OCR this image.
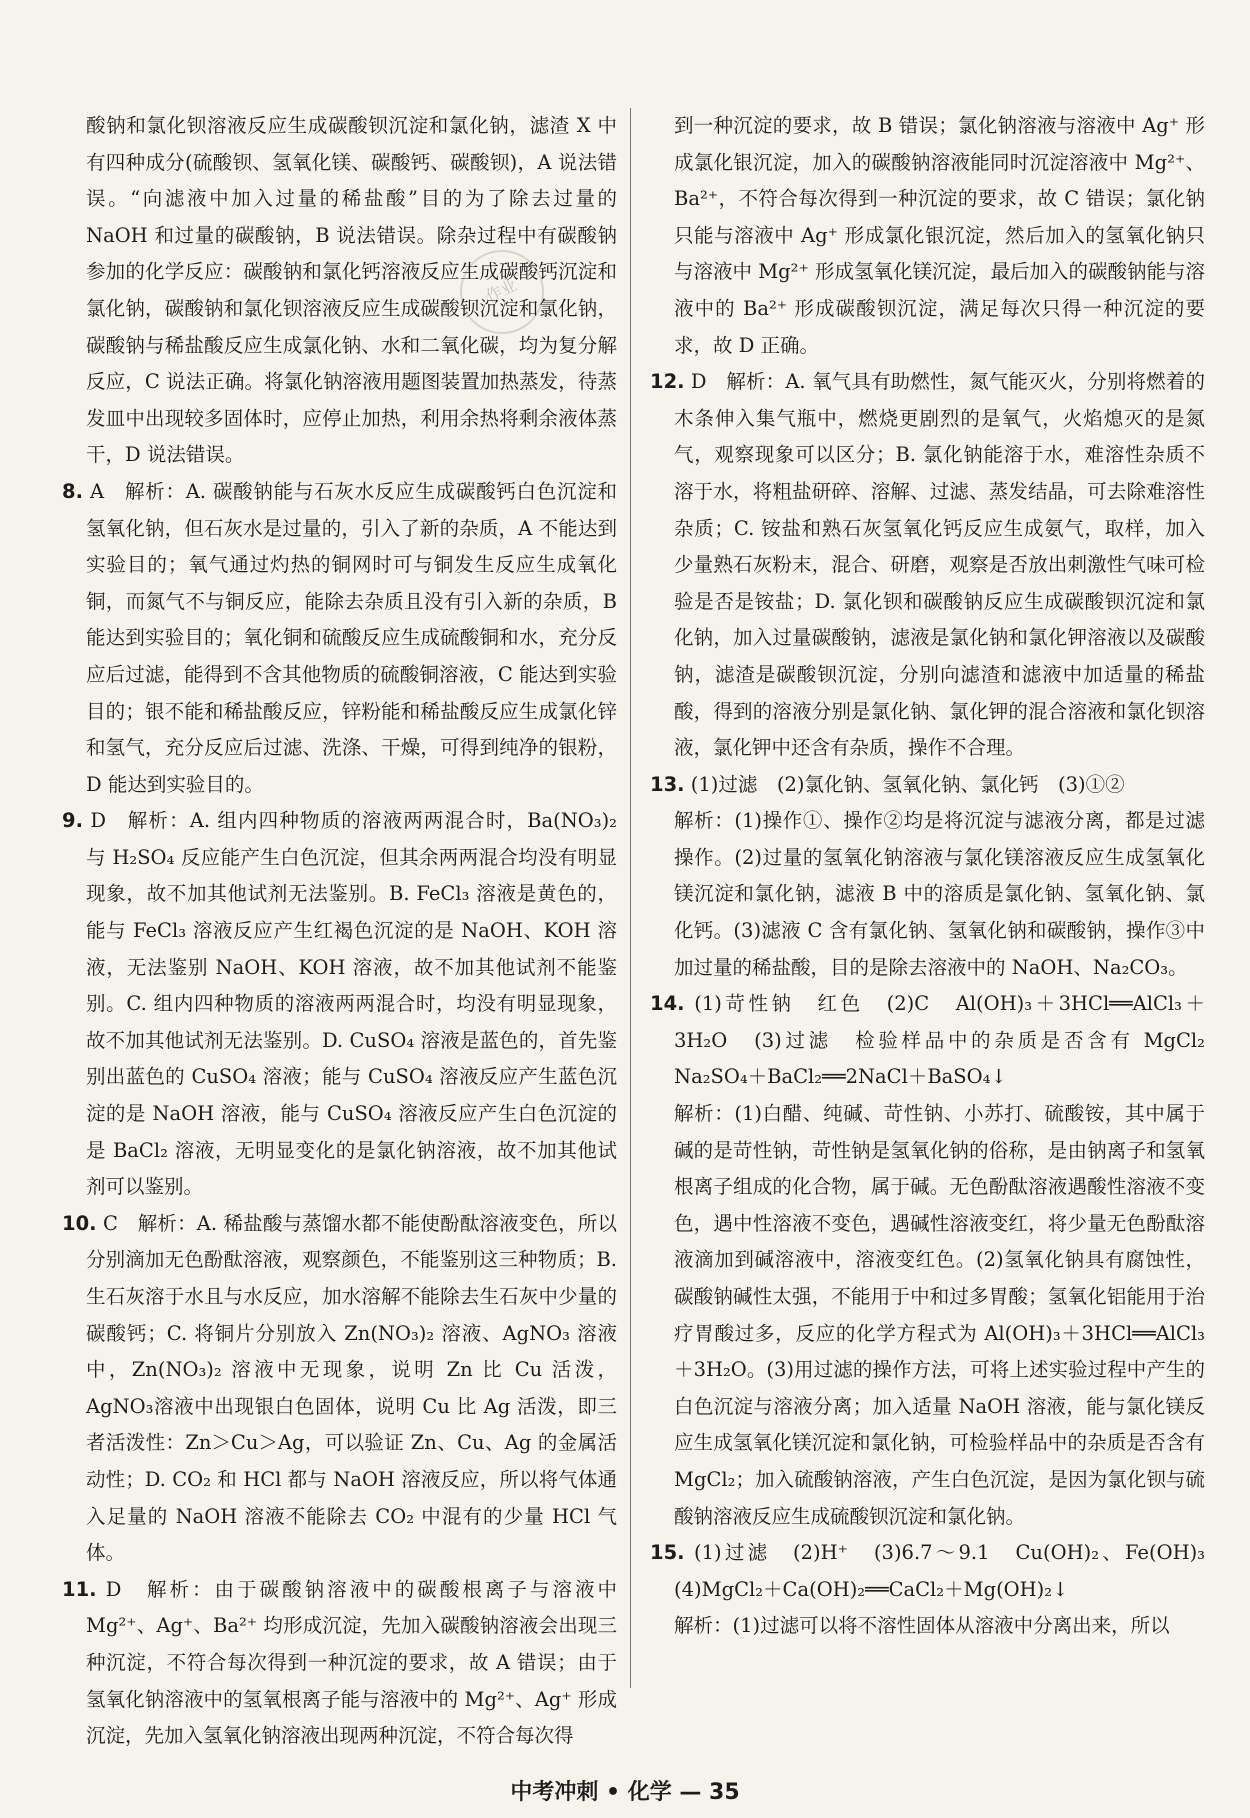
作业

酸钠和氯化钡溶液反应生成碳酸钡沉淀和氯化钠，滤渣 X 中有四种成分(硫酸钡、氢氧化镁、碳酸钙、碳酸钡)，A 说法错误。“向滤液中加入过量的稀盐酸”目的为了除去过量的 NaOH 和过量的碳酸钠，B 说法错误。除杂过程中有碳酸钠参加的化学反应：碳酸钠和氯化钙溶液反应生成碳酸钙沉淀和氯化钠，碳酸钠和氯化钡溶液反应生成碳酸钡沉淀和氯化钠，碳酸钠与稀盐酸反应生成氯化钠、水和二氧化碳，均为复分解反应，C 说法正确。将氯化钠溶液用题图装置加热蒸发，待蒸发皿中出现较多固体时，应停止加热，利用余热将剩余液体蒸干，D 说法错误。

8. A　解析：A. 碳酸钠能与石灰水反应生成碳酸钙白色沉淀和氢氧化钠，但石灰水是过量的，引入了新的杂质，A 不能达到实验目的；氧气通过灼热的铜网时可与铜发生反应生成氧化铜，而氮气不与铜反应，能除去杂质且没有引入新的杂质，B 能达到实验目的；氧化铜和硫酸反应生成硫酸铜和水，充分反应后过滤，能得到不含其他物质的硫酸铜溶液，C 能达到实验目的；银不能和稀盐酸反应，锌粉能和稀盐酸反应生成氯化锌和氢气，充分反应后过滤、洗涤、干燥，可得到纯净的银粉，D 能达到实验目的。

9. D　解析：A. 组内四种物质的溶液两两混合时，Ba(NO₃)₂ 与 H₂SO₄ 反应能产生白色沉淀，但其余两两混合均没有明显现象，故不加其他试剂无法鉴别。B. FeCl₃ 溶液是黄色的，能与 FeCl₃ 溶液反应产生红褐色沉淀的是 NaOH、KOH 溶液，无法鉴别 NaOH、KOH 溶液，故不加其他试剂不能鉴别。C. 组内四种物质的溶液两两混合时，均没有明显现象，故不加其他试剂无法鉴别。D. CuSO₄ 溶液是蓝色的，首先鉴别出蓝色的 CuSO₄ 溶液；能与 CuSO₄ 溶液反应产生蓝色沉淀的是 NaOH 溶液，能与 CuSO₄ 溶液反应产生白色沉淀的是 BaCl₂ 溶液，无明显变化的是氯化钠溶液，故不加其他试剂可以鉴别。

10. C　解析：A. 稀盐酸与蒸馏水都不能使酚酞溶液变色，所以分别滴加无色酚酞溶液，观察颜色，不能鉴别这三种物质；B. 生石灰溶于水且与水反应，加水溶解不能除去生石灰中少量的碳酸钙；C. 将铜片分别放入 Zn(NO₃)₂ 溶液、AgNO₃ 溶液中，Zn(NO₃)₂ 溶液中无现象，说明 Zn 比 Cu 活泼，AgNO₃溶液中出现银白色固体，说明 Cu 比 Ag 活泼，即三者活泼性：Zn＞Cu＞Ag，可以验证 Zn、Cu、Ag 的金属活动性；D. CO₂ 和 HCl 都与 NaOH 溶液反应，所以将气体通入足量的 NaOH 溶液不能除去 CO₂ 中混有的少量 HCl 气体。

11. D　解析：由于碳酸钠溶液中的碳酸根离子与溶液中 Mg²⁺、Ag⁺、Ba²⁺ 均形成沉淀，先加入碳酸钠溶液会出现三种沉淀，不符合每次得到一种沉淀的要求，故 A 错误；由于氢氧化钠溶液中的氢氧根离子能与溶液中的 Mg²⁺、Ag⁺ 形成沉淀，先加入氢氧化钠溶液出现两种沉淀，不符合每次得

到一种沉淀的要求，故 B 错误；氯化钠溶液与溶液中 Ag⁺ 形成氯化银沉淀，加入的碳酸钠溶液能同时沉淀溶液中 Mg²⁺、Ba²⁺，不符合每次得到一种沉淀的要求，故 C 错误；氯化钠只能与溶液中 Ag⁺ 形成氯化银沉淀，然后加入的氢氧化钠只与溶液中 Mg²⁺ 形成氢氧化镁沉淀，最后加入的碳酸钠能与溶液中的 Ba²⁺ 形成碳酸钡沉淀，满足每次只得一种沉淀的要求，故 D 正确。

12. D　解析：A. 氧气具有助燃性，氮气能灭火，分别将燃着的木条伸入集气瓶中，燃烧更剧烈的是氧气，火焰熄灭的是氮气，观察现象可以区分；B. 氯化钠能溶于水，难溶性杂质不溶于水，将粗盐研碎、溶解、过滤、蒸发结晶，可去除难溶性杂质；C. 铵盐和熟石灰氢氧化钙反应生成氨气，取样，加入少量熟石灰粉末，混合、研磨，观察是否放出刺激性气味可检验是否是铵盐；D. 氯化钡和碳酸钠反应生成碳酸钡沉淀和氯化钠，加入过量碳酸钠，滤液是氯化钠和氯化钾溶液以及碳酸钠，滤渣是碳酸钡沉淀，分别向滤渣和滤液中加适量的稀盐酸，得到的溶液分别是氯化钠、氯化钾的混合溶液和氯化钡溶液，氯化钾中还含有杂质，操作不合理。

13. (1)过滤　(2)氯化钠、氢氧化钠、氯化钙　(3)①②

解析：(1)操作①、操作②均是将沉淀与滤液分离，都是过滤操作。(2)过量的氢氧化钠溶液与氯化镁溶液反应生成氢氧化镁沉淀和氯化钠，滤液 B 中的溶质是氯化钠、氢氧化钠、氯化钙。(3)滤液 C 含有氯化钠、氢氧化钠和碳酸钠，操作③中加过量的稀盐酸，目的是除去溶液中的 NaOH、Na₂CO₃。

14. (1)苛性钠　红色　(2)C　Al(OH)₃＋3HCl══AlCl₃＋3H₂O　(3)过滤　检验样品中的杂质是否含有 MgCl₂　Na₂SO₄＋BaCl₂══2NaCl＋BaSO₄↓

解析：(1)白醋、纯碱、苛性钠、小苏打、硫酸铵，其中属于碱的是苛性钠，苛性钠是氢氧化钠的俗称，是由钠离子和氢氧根离子组成的化合物，属于碱。无色酚酞溶液遇酸性溶液不变色，遇中性溶液不变色，遇碱性溶液变红，将少量无色酚酞溶液滴加到碱溶液中，溶液变红色。(2)氢氧化钠具有腐蚀性，碳酸钠碱性太强，不能用于中和过多胃酸；氢氧化铝能用于治疗胃酸过多，反应的化学方程式为 Al(OH)₃＋3HCl══AlCl₃＋3H₂O。(3)用过滤的操作方法，可将上述实验过程中产生的白色沉淀与溶液分离；加入适量 NaOH 溶液，能与氯化镁反应生成氢氧化镁沉淀和氯化钠，可检验样品中的杂质是否含有 MgCl₂；加入硫酸钠溶液，产生白色沉淀，是因为氯化钡与硫酸钠溶液反应生成硫酸钡沉淀和氯化钠。

15. (1)过滤　(2)H⁺　(3)6.7～9.1　Cu(OH)₂、Fe(OH)₃　(4)MgCl₂＋Ca(OH)₂══CaCl₂＋Mg(OH)₂↓

解析：(1)过滤可以将不溶性固体从溶液中分离出来，所以

中考冲刺 • 化学 — 35
